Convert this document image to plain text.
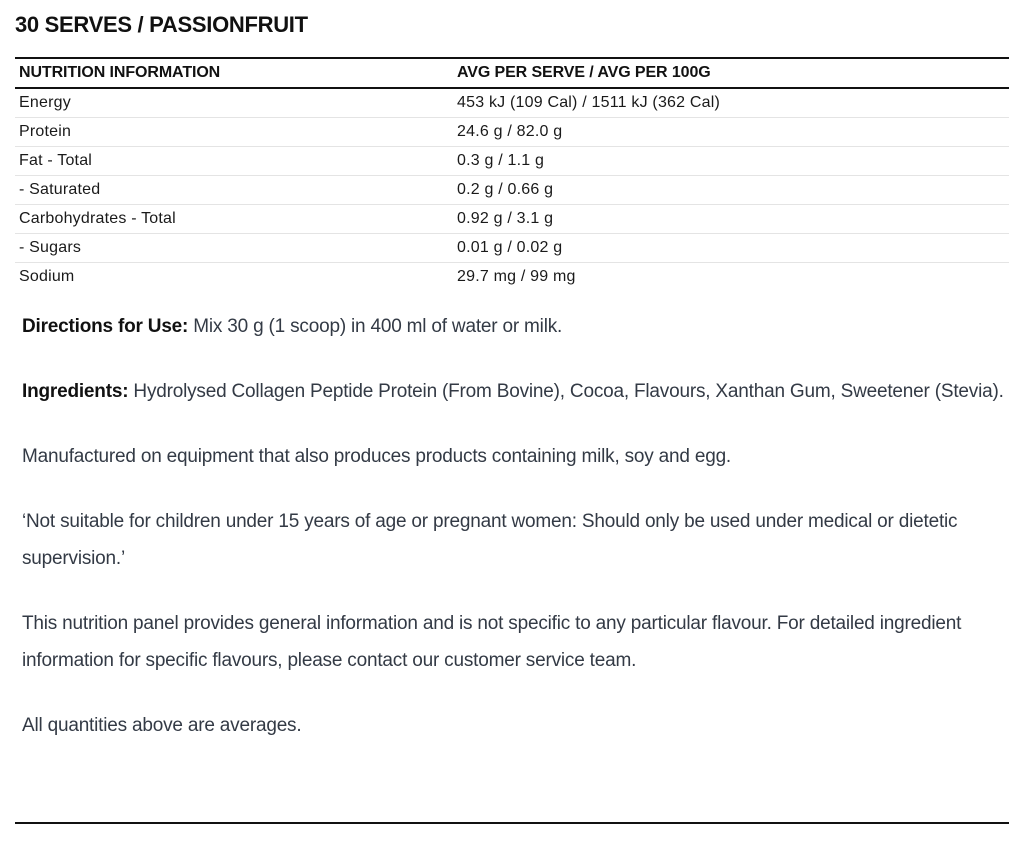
30 SERVES / PASSIONFRUIT
NUTRITION INFORMATION	AVG PER SERVE / AVG PER 100G
Energy	453 kJ (109 Cal) / 1511 kJ (362 Cal)
Protein	24.6 g / 82.0 g
Fat - Total	0.3 g / 1.1 g
- Saturated	0.2 g / 0.66 g
Carbohydrates - Total	0.92 g / 3.1 g
- Sugars	0.01 g / 0.02 g
Sodium	29.7 mg / 99 mg

Directions for Use: Mix 30 g (1 scoop) in 400 ml of water or milk.

Ingredients: Hydrolysed Collagen Peptide Protein (From Bovine), Cocoa, Flavours, Xanthan Gum, Sweetener (Stevia).

Manufactured on equipment that also produces products containing milk, soy and egg.

‘Not suitable for children under 15 years of age or pregnant women: Should only be used under medical or dietetic supervision.’

This nutrition panel provides general information and is not specific to any particular flavour. For detailed ingredient information for specific flavours, please contact our customer service team.

All quantities above are averages.
